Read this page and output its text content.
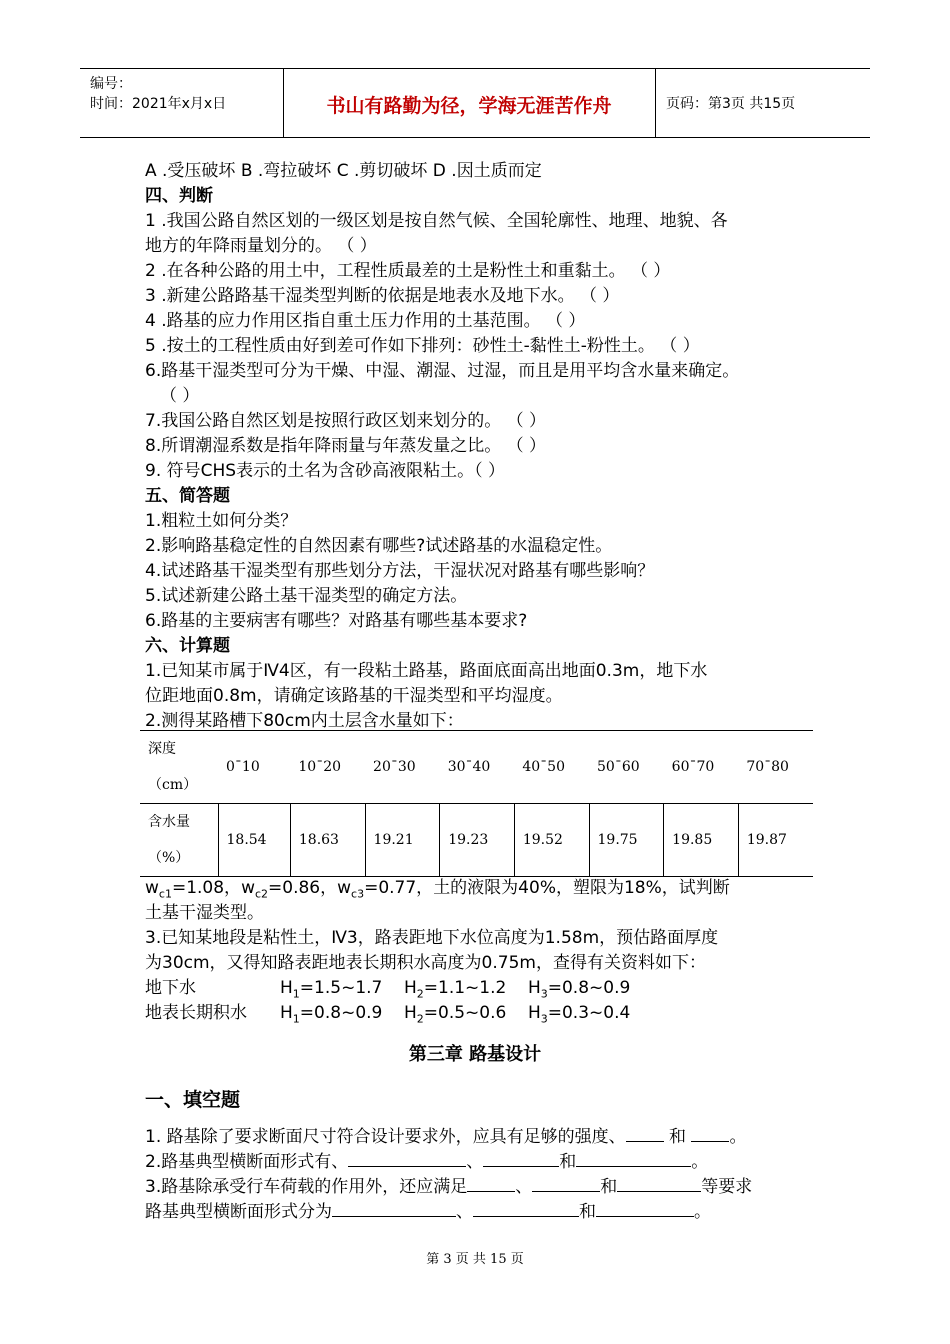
编号：
时间：2021年x月x日	书山有路勤为径，学海无涯苦作舟	页码：第3页 共15页
A .受压破坏 B .弯拉破坏 C .剪切破坏 D .因土质而定
四、判断
1 .我国公路自然区划的一级区划是按自然气候、全国轮廓性、地理、地貌、各
地方的年降雨量划分的。 （ ）
2 .在各种公路的用土中，工程性质最差的土是粉性土和重黏土。 （ ）
3 .新建公路路基干湿类型判断的依据是地表水及地下水。 （ ）
4 .路基的应力作用区指自重土压力作用的土基范围。 （ ）
5 .按土的工程性质由好到差可作如下排列：砂性土-黏性土-粉性土。 （ ）
6.路基干湿类型可分为干燥、中湿、潮湿、过湿，而且是用平均含水量来确定。
（ ）
7.我国公路自然区划是按照行政区划来划分的。 （ ）
8.所谓潮湿系数是指年降雨量与年蒸发量之比。 （ ）
9. 符号CHS表示的土名为含砂高液限粘土。（ ）
五、简答题
1.粗粒土如何分类？
2.影响路基稳定性的自然因素有哪些?试述路基的水温稳定性。
4.试述路基干湿类型有那些划分方法，干湿状况对路基有哪些影响？
5.试述新建公路土基干湿类型的确定方法。
6.路基的主要病害有哪些？对路基有哪些基本要求?
六、计算题
1.已知某市属于Ⅳ4区，有一段粘土路基，路面底面高出地面0.3m，地下水
位距地面0.8m，请确定该路基的干湿类型和平均湿度。
2.测得某路槽下80cm内土层含水量如下：
深度
（cm）	0¯10	10¯20	20¯30	30¯40	40¯50	50¯60	60¯70	70¯80
含水量
（%）	18.54	18.63	19.21	19.23	19.52	19.75	19.85	19.87
$w_{c1}=1.08$，$w_{c2}=0.86$，$w_{c3}=0.77$，土的液限为40%，塑限为18%，试判断
土基干湿类型。
3.已知某地段是粘性土，Ⅳ3，路表距地下水位高度为1.58m，预估路面厚度
为30cm，又得知路表距地表长期积水高度为0.75m，查得有关资料如下：
地下水	$H_1=1.5\sim 1.7$    $H_2=1.1\sim 1.2$    $H_3=0.8\sim 0.9$
地表长期积水 $H_1=0.8\sim 0.9$    $H_2=0.5\sim 0.6$    $H_3=0.3\sim 0.4$
第三章 路基设计
一、填空题
1. 路基除了要求断面尺寸符合设计要求外，应具有足够的强度、	和	。
2.路基典型横断面形式有、	、	和	。
3.路基除承受行车荷载的作用外，还应满足	、	和	等要求
路基典型横断面形式分为	、	和	。
第 3 页 共 15 页
